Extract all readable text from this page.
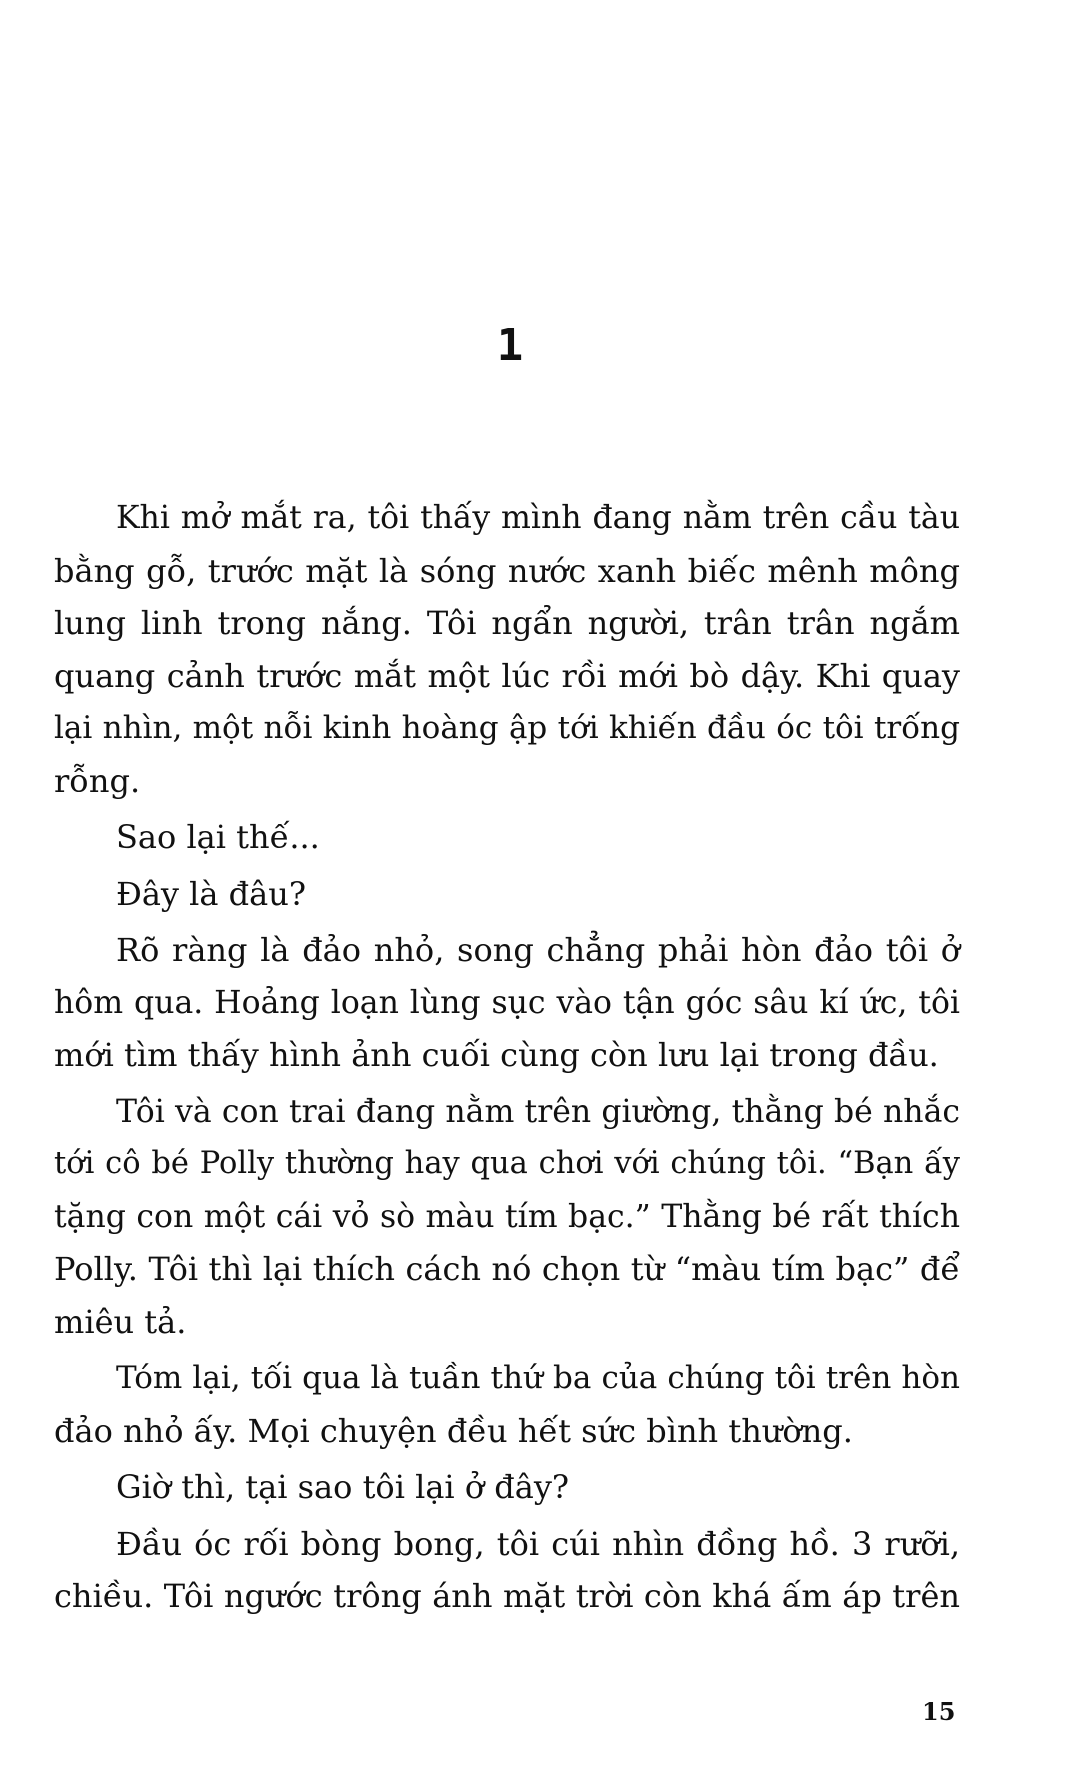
1
Khi mở mắt ra, tôi thấy mình đang nằm trên cầu tàu
bằng gỗ, trước mặt là sóng nước xanh biếc mênh mông
lung linh trong nắng. Tôi ngẩn người, trân trân ngắm
quang cảnh trước mắt một lúc rồi mới bò dậy. Khi quay
lại nhìn, một nỗi kinh hoàng ập tới khiến đầu óc tôi trống
rỗng.
Sao lại thế...
Đây là đâu?
Rõ ràng là đảo nhỏ, song chẳng phải hòn đảo tôi ở
hôm qua. Hoảng loạn lùng sục vào tận góc sâu kí ức, tôi
mới tìm thấy hình ảnh cuối cùng còn lưu lại trong đầu.
Tôi và con trai đang nằm trên giường, thằng bé nhắc
tới cô bé Polly thường hay qua chơi với chúng tôi. “Bạn ấy
tặng con một cái vỏ sò màu tím bạc.” Thằng bé rất thích
Polly. Tôi thì lại thích cách nó chọn từ “màu tím bạc” để
miêu tả.
Tóm lại, tối qua là tuần thứ ba của chúng tôi trên hòn
đảo nhỏ ấy. Mọi chuyện đều hết sức bình thường.
Giờ thì, tại sao tôi lại ở đây?
Đầu óc rối bòng bong, tôi cúi nhìn đồng hồ. 3 rưỡi,
chiều. Tôi ngước trông ánh mặt trời còn khá ấm áp trên
15
